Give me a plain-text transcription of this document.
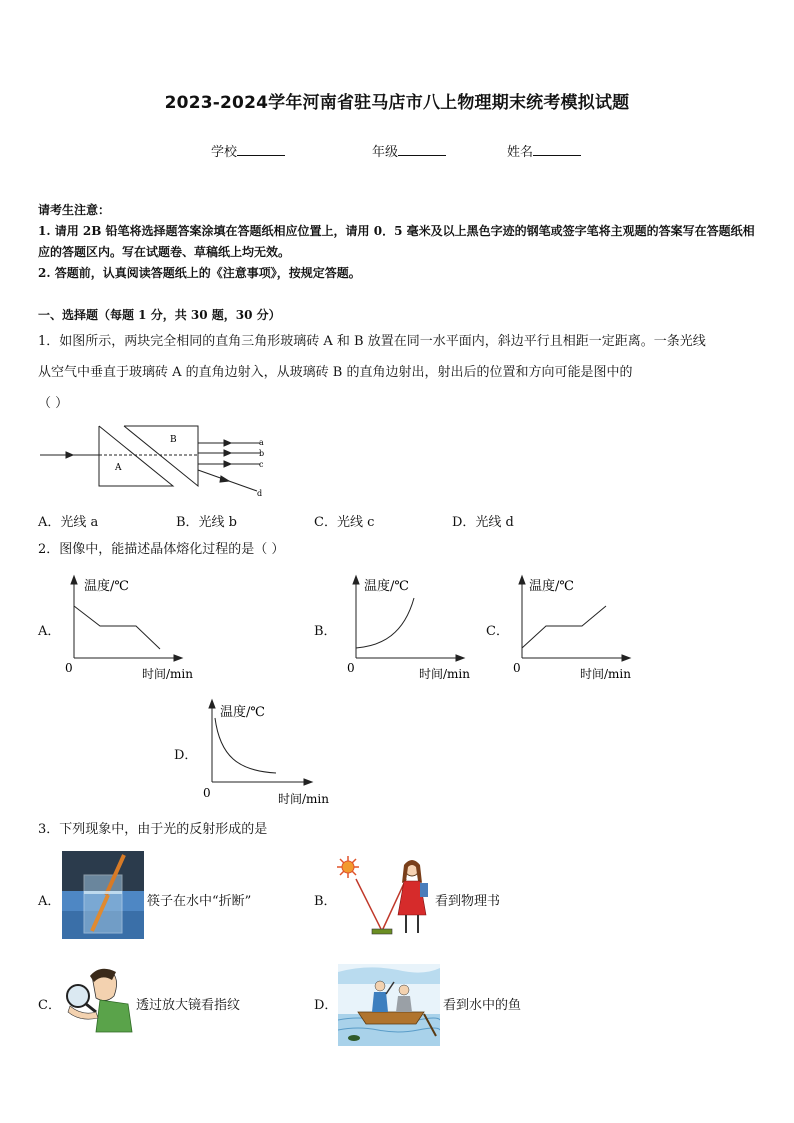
2023-2024学年河南省驻马店市八上物理期末统考模拟试题
学校	年级	姓名
请考生注意：
1. 请用 2B 铅笔将选择题答案涂填在答题纸相应位置上，请用 0．5 毫米及以上黑色字迹的钢笔或签字笔将主观题的答案写在答题纸相应的答题区内。写在试题卷、草稿纸上均无效。
2. 答题前，认真阅读答题纸上的《注意事项》，按规定答题。
一、选择题（每题 1 分，共 30 题，30 分）
1．如图所示，两块完全相同的直角三角形玻璃砖 A 和 B 放置在同一水平面内，斜边平行且相距一定距离。一条光线
从空气中垂直于玻璃砖 A 的直角边射入，从玻璃砖 B 的直角边射出，射出后的位置和方向可能是图中的
（ ）
A
B	a
b
c
d
A．光线 a	B．光线 b	C．光线 c	D．光线 d
2．图像中，能描述晶体熔化过程的是（ ）
A．
温度/℃
时间/min
0
B．
温度/℃
时间/min
0
C．
温度/℃
时间/min
0
D．
温度/℃
时间/min
0
3．下列现象中，由于光的反射形成的是
A．	筷子在水中“折断”	B．	看到物理书
C．	透过放大镜看指纹	D．	看到水中的鱼
